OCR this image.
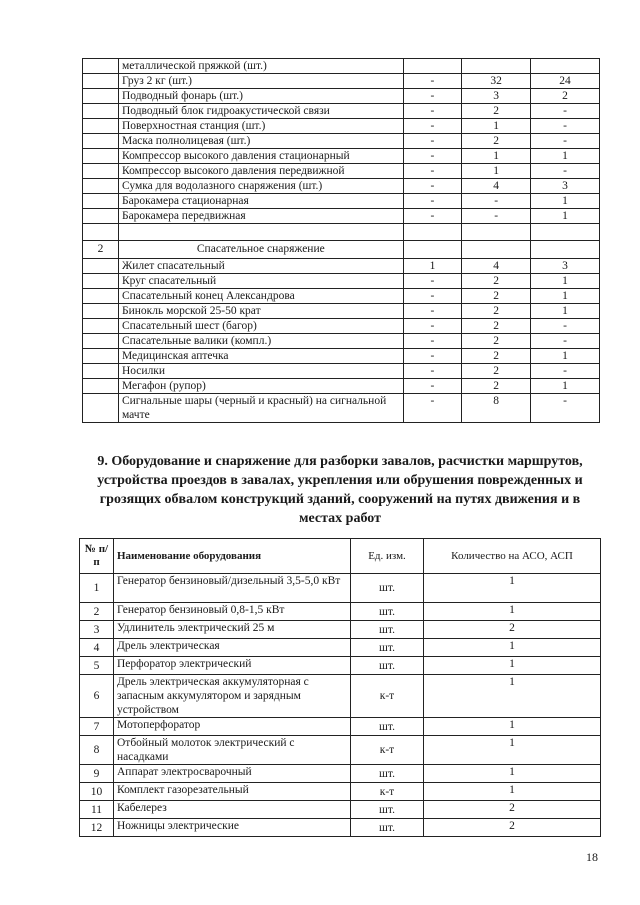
	металлической пряжкой (шт.)			
	Груз 2 кг (шт.)	-	32	24
	Подводный фонарь (шт.)	-	3	2
	Подводный блок гидроакустической связи	-	2	-
	Поверхностная станция (шт.)	-	1	-
	Маска полнолицевая (шт.)	-	2	-
	Компрессор высокого давления стационарный	-	1	1
	Компрессор высокого давления передвижной	-	1	-
	Сумка для водолазного снаряжения (шт.)	-	4	3
	Барокамера стационарная	-	-	1
	Барокамера передвижная	-	-	1

2	Спасательное снаряжение			
	Жилет спасательный	1	4	3
	Круг спасательный	-	2	1
	Спасательный конец Александрова	-	2	1
	Бинокль морской 25-50 крат	-	2	1
	Спасательный шест (багор)	-	2	-
	Спасательные валики (компл.)	-	2	-
	Медицинская аптечка	-	2	1
	Носилки	-	2	-
	Мегафон (рупор)	-	2	1
	Сигнальные шары (черный и красный) на сигнальной мачте	-	8	-
9. Оборудование и снаряжение для разборки завалов, расчистки маршрутов, устройства проездов в завалах, укрепления или обрушения поврежденных и грозящих обвалом конструкций зданий, сооружений на путях движения и в местах работ
№ п/п	Наименование оборудования	Ед. изм.	Количество на АСО, АСП
1	Генератор бензиновый/дизельный 3,5-5,0 кВт	шт.	1
2	Генератор бензиновый 0,8-1,5 кВт	шт.	1
3	Удлинитель электрический 25 м	шт.	2
4	Дрель электрическая	шт.	1
5	Перфоратор электрический	шт.	1
6	Дрель электрическая аккумуляторная с запасным аккумулятором и зарядным устройством	к-т	1
7	Мотоперфоратор	шт.	1
8	Отбойный молоток электрический с насадками	к-т	1
9	Аппарат электросварочный	шт.	1
10	Комплект газорезательный	к-т	1
11	Кабелерез	шт.	2
12	Ножницы электрические	шт.	2
18
